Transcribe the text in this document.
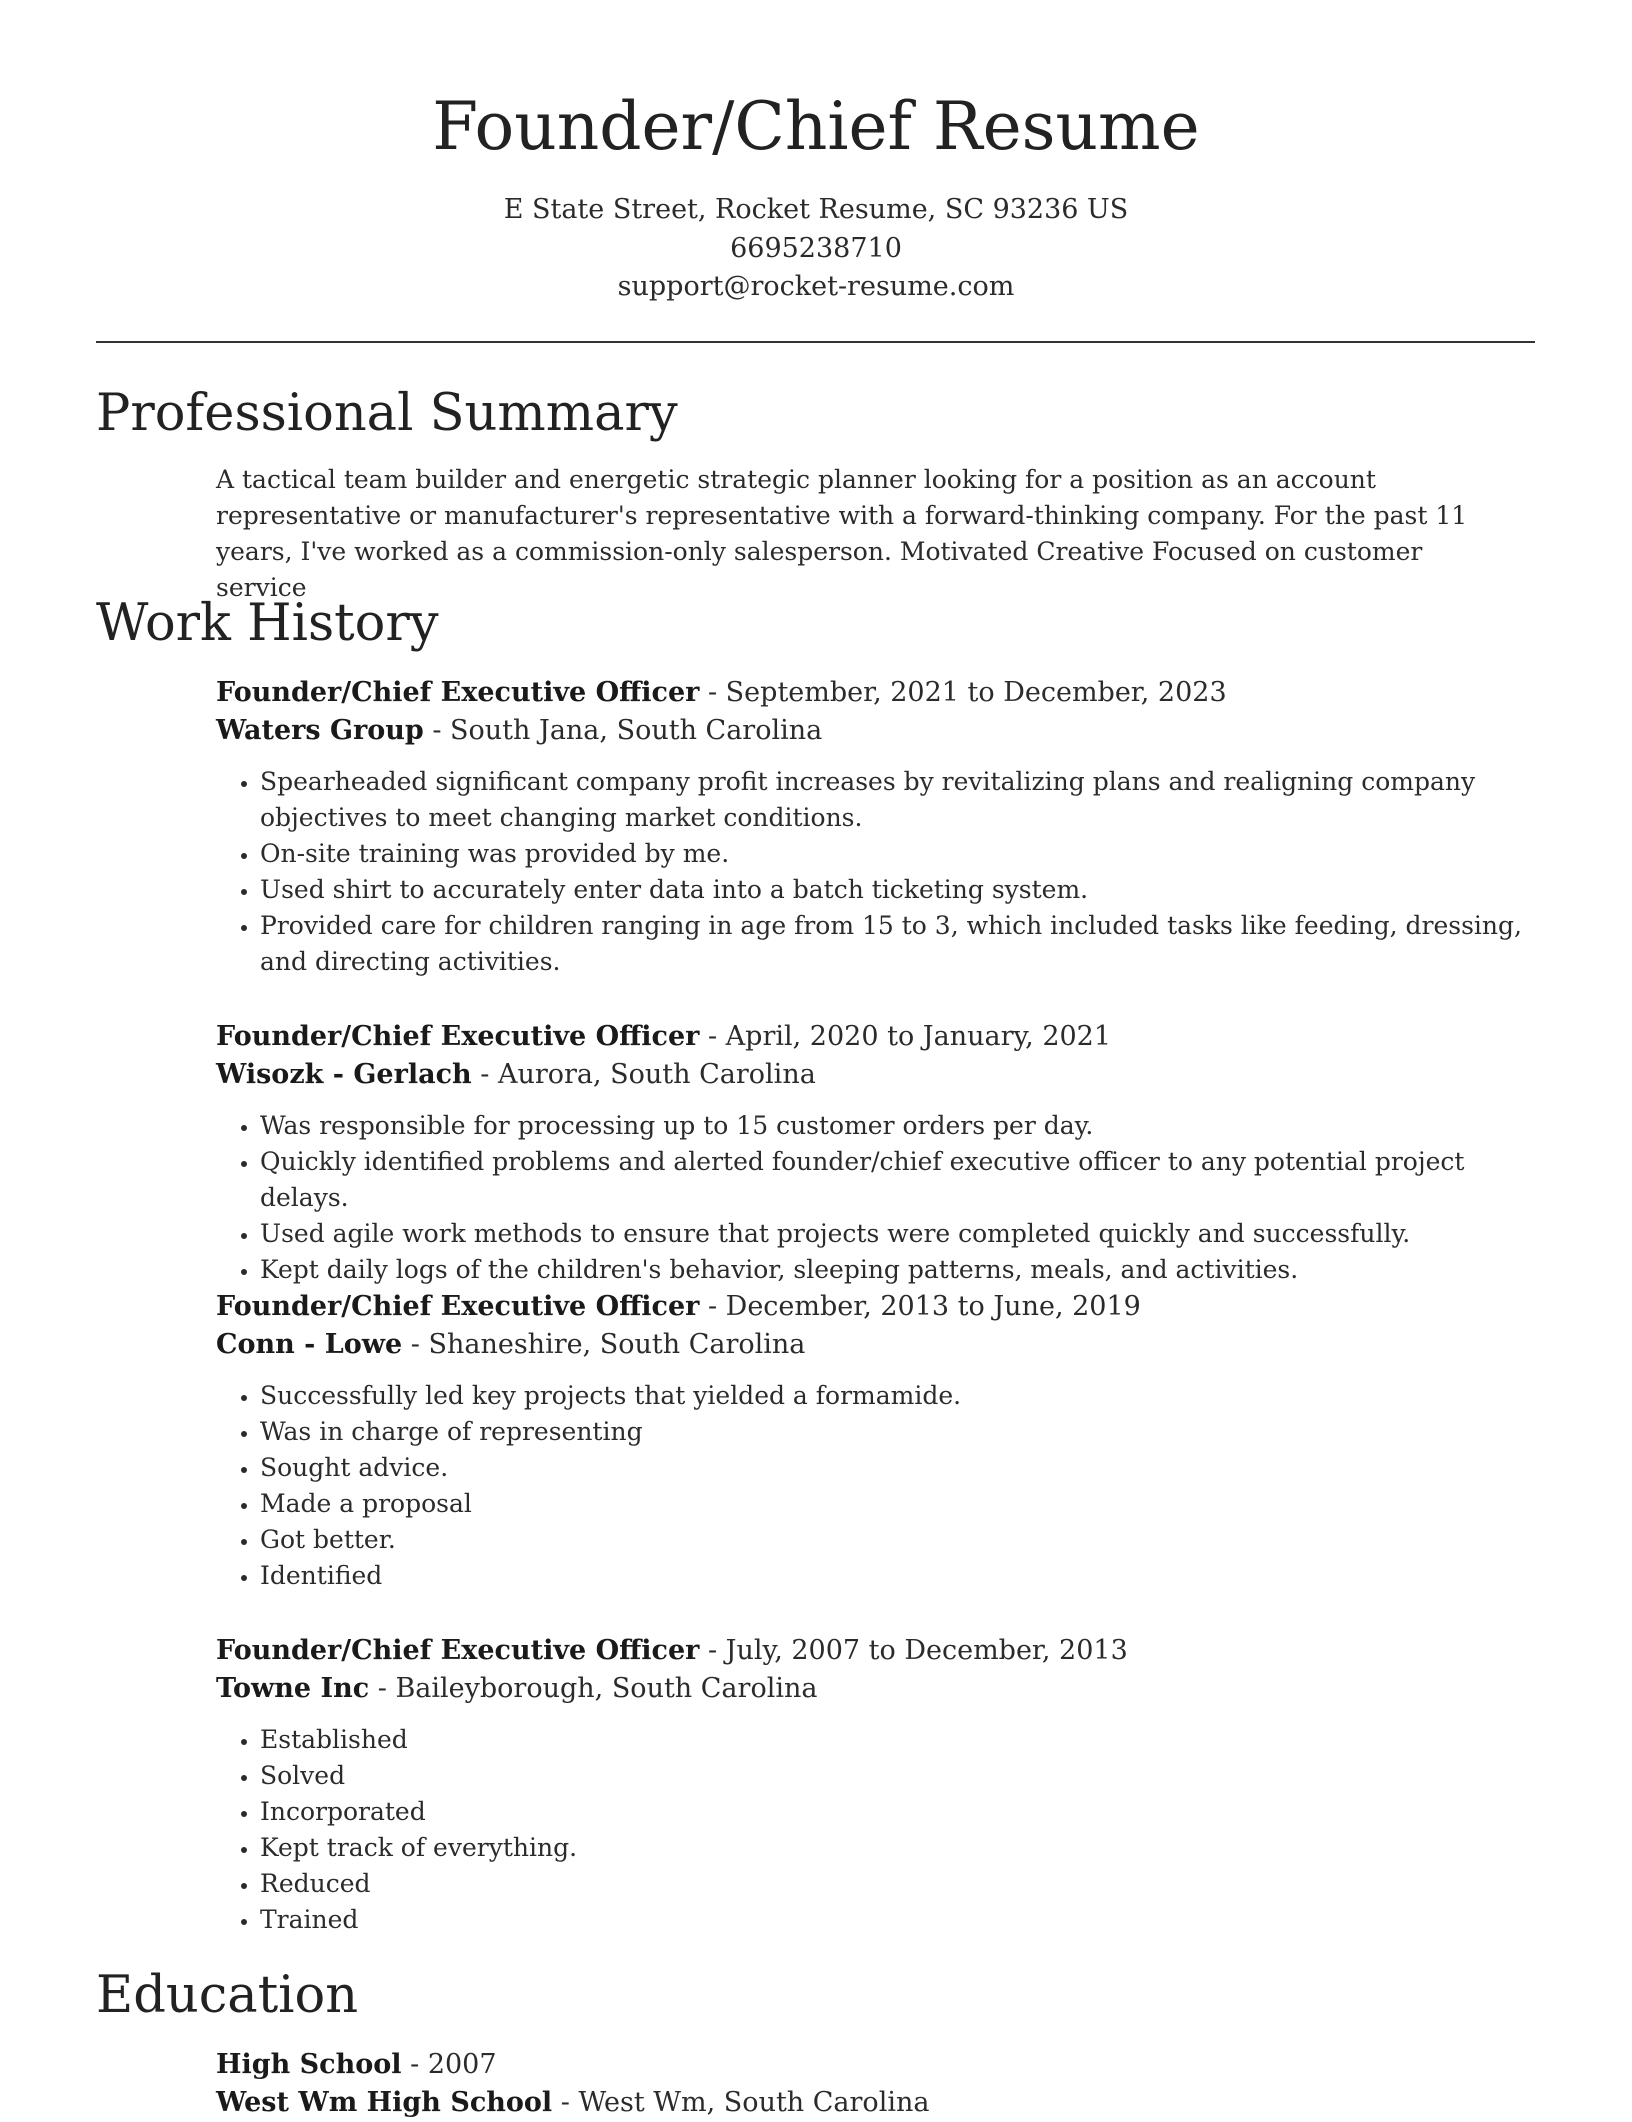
Founder/Chief Resume
E State Street, Rocket Resume, SC 93236 US
6695238710
support@rocket-resume.com
Professional Summary
A tactical team builder and energetic strategic planner looking for a position as an account representative or manufacturer's representative with a forward-thinking company. For the past 11 years, I've worked as a commission-only salesperson. Motivated Creative Focused on customer service
Work History
Founder/Chief Executive Officer - September, 2021 to December, 2023
Waters Group - South Jana, South Carolina
• Spearheaded significant company profit increases by revitalizing plans and realigning company objectives to meet changing market conditions.
• On-site training was provided by me.
• Used shirt to accurately enter data into a batch ticketing system.
• Provided care for children ranging in age from 15 to 3, which included tasks like feeding, dressing, and directing activities.
Founder/Chief Executive Officer - April, 2020 to January, 2021
Wisozk - Gerlach - Aurora, South Carolina
• Was responsible for processing up to 15 customer orders per day.
• Quickly identified problems and alerted founder/chief executive officer to any potential project delays.
• Used agile work methods to ensure that projects were completed quickly and successfully.
• Kept daily logs of the children's behavior, sleeping patterns, meals, and activities.
Founder/Chief Executive Officer - December, 2013 to June, 2019
Conn - Lowe - Shaneshire, South Carolina
• Successfully led key projects that yielded a formamide.
• Was in charge of representing
• Sought advice.
• Made a proposal
• Got better.
• Identified
Founder/Chief Executive Officer - July, 2007 to December, 2013
Towne Inc - Baileyborough, South Carolina
• Established
• Solved
• Incorporated
• Kept track of everything.
• Reduced
• Trained
Education
High School - 2007
West Wm High School - West Wm, South Carolina
